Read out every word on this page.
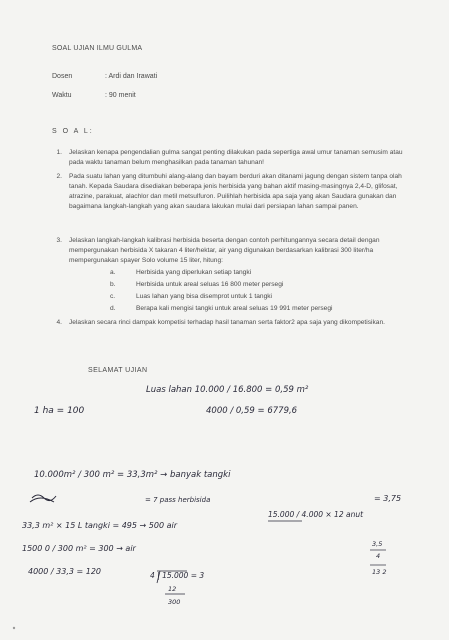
SOAL UJIAN ILMU GULMA
Dosen	: Ardi dan Irawati
Waktu	: 90 menit
S O A L:
1. Jelaskan kenapa pengendalian gulma sangat penting dilakukan pada sepertiga awal umur tanaman semusim atau pada waktu tanaman belum menghasilkan pada tanaman tahunan!
2. Pada suatu lahan yang ditumbuhi alang-alang dan bayam berduri akan ditanami jagung dengan sistem tanpa olah tanah. Kepada Saudara disediakan beberapa jenis herbisida yang bahan aktif masing-masingnya 2,4-D, glifosat, atrazine, parakuat, alachlor dan metil metsulfuron. Puilihlah herbisida apa saja yang akan Saudara gunakan dan bagaimana langkah-langkah yang akan saudara lakukan mulai dari persiapan lahan sampai panen.
3. Jelaskan langkah-langkah kalibrasi herbisida beserta dengan contoh perhitungannya secara detail dengan mempergunakan herbisida X takaran 4 liter/hektar, air yang digunakan berdasarkan kalibrasi 300 liter/ha mempergunakan spayer Solo volume 15 liter, hitung:
a.	Herbisida yang diperlukan setiap tangki
b.	Herbisida untuk areal seluas 16 800 meter persegi
c.	Luas lahan yang bisa disemprot untuk 1 tangki
d.	Berapa kali mengisi tangki untuk areal seluas 19 991 meter persegi
4. Jelaskan secara rinci dampak kompetisi terhadap hasil tanaman serta faktor2 apa saja yang dikompetisikan.
SELAMAT UJIAN
Luas lahan 10.000 / 16.800 = 0,59 m²
4000 / 0,59 = 6779,6
1 ha = 100
10.000m² / 300 m² = 33,3m² → banyak tangki
= 7 pass herbisida
15.000 / 4.000 × 12 anut
= 3,75
33,3 m² × 15 L tangki = 495 → 500 air
1500 0 / 300 m² = 300 → air
4000 / 33,3 = 120	4 | 15.000 = 3
12
300
3,5
4
13 2
